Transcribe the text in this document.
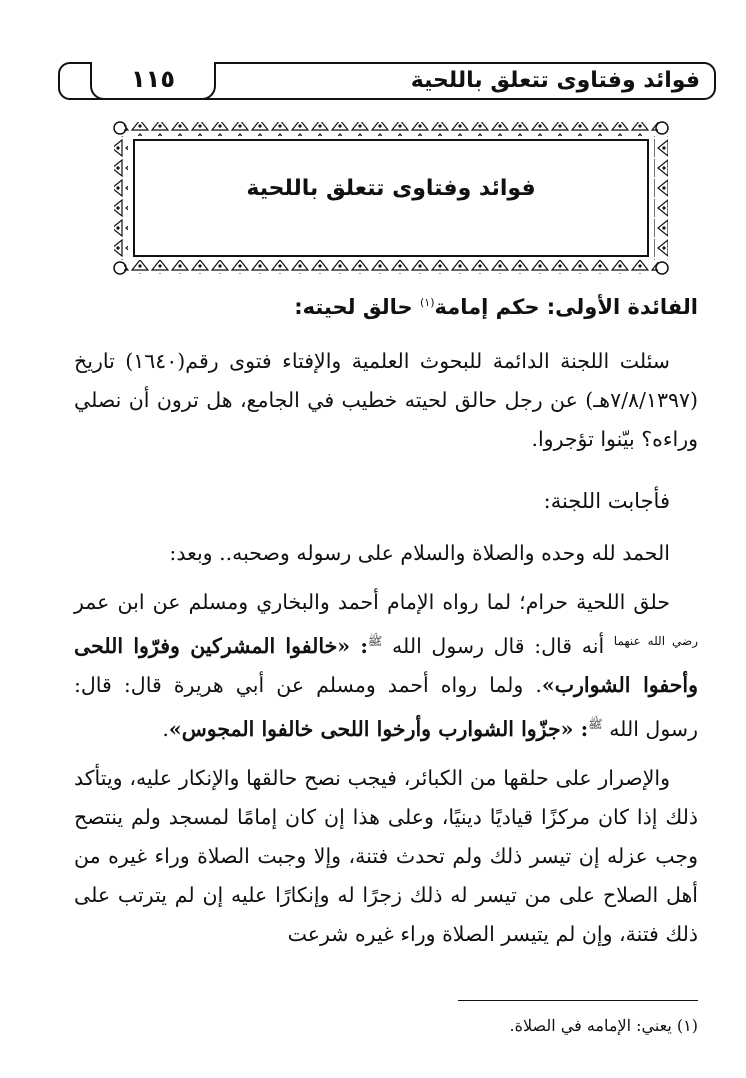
فوائد وفتاوى تتعلق باللحية
١١٥
فوائد وفتاوى تتعلق باللحية
الفائدة الأولى: حكم إمامة$^{(١)}$ حالق لحيته:

سئلت اللجنة الدائمة للبحوث العلمية والإفتاء فتوى رقم(١٦٤٠) تاريخ (٧/٨/١٣٩٧هـ) عن رجل حالق لحيته خطيب في الجامع، هل ترون أن نصلي وراءه؟ بيّنوا تؤجروا.

فأجابت اللجنة:

الحمد لله وحده والصلاة والسلام على رسوله وصحبه.. وبعد:

حلق اللحية حرام؛ لما رواه الإمام أحمد والبخاري ومسلم عن ابن عمر $^{رضي الله عنهما}$ أنه قال: قال رسول الله $^ﷺ$: «خالفوا المشركين وفرّوا اللحى وأحفوا الشوارب». ولما رواه أحمد ومسلم عن أبي هريرة قال: قال: رسول الله $^ﷺ$: «جزّوا الشوارب وأرخوا اللحى خالفوا المجوس».

والإصرار على حلقها من الكبائر، فيجب نصح حالقها والإنكار عليه، ويتأكد ذلك إذا كان مركزًا قياديًا دينيًا، وعلى هذا إن كان إمامًا لمسجد ولم ينتصح وجب عزله إن تيسر ذلك ولم تحدث فتنة، وإلا وجبت الصلاة وراء غيره من أهل الصلاح على من تيسر له ذلك زجرًا له وإنكارًا عليه إن لم يترتب على ذلك فتنة، وإن لم يتيسر الصلاة وراء غيره شرعت

(١) يعني: الإمامه في الصلاة.
